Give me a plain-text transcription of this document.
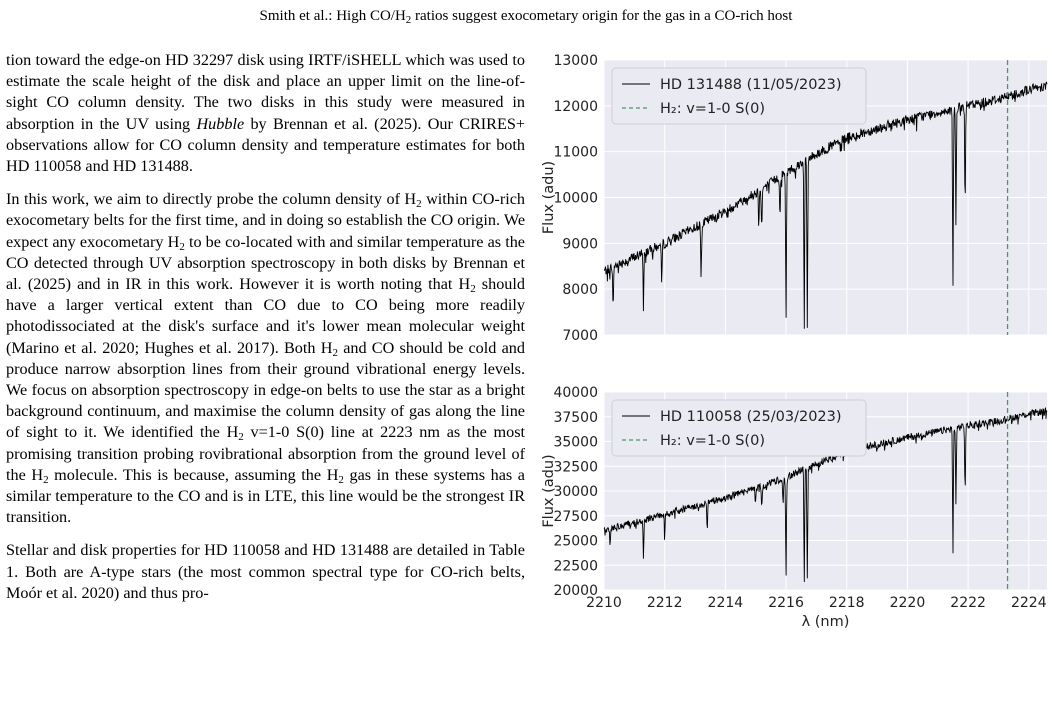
Smith et al.: High $CO/H_2$ ratios suggest exocometary origin for the gas in a CO-rich host

tion toward the edge-on HD 32297 disk using IRTF/iSHELL which was used to estimate the scale height of the disk and place an upper limit on the line-of-sight CO column density. The two disks in this study were measured in absorption in the UV using Hubble by Brennan et al. (2025). Our CRIRES+ observations allow for CO column density and temperature estimates for both HD 110058 and HD 131488.

In this work, we aim to directly probe the column density of $H_2$ within CO-rich exocometary belts for the first time, and in doing so establish the CO origin. We expect any exocometary $H_2$ to be co-located with and similar temperature as the CO detected through UV absorption spectroscopy in both disks by Brennan et al. (2025) and in IR in this work. However it is worth noting that $H_2$ should have a larger vertical extent than CO due to CO being more readily photodissociated at the disk's surface and it's lower mean molecular weight (Marino et al. 2020; Hughes et al. 2017). Both $H_2$ and CO should be cold and produce narrow absorption lines from their ground vibrational energy levels. We focus on absorption spectroscopy in edge-on belts to use the star as a bright background continuum, and maximise the column density of gas along the line of sight to it. We identified the $H_2$ v=1-0 S(0) line at 2223 nm as the most promising transition probing rovibrational absorption from the ground level of the $H_2$ molecule. This is because, assuming the $H_2$ gas in these systems has a similar temperature to the CO and is in LTE, this line would be the strongest IR transition.

Stellar and disk properties for HD 110058 and HD 131488 are detailed in Table 1. Both are A-type stars (the most common spectral type for CO-rich belts, Moór et al. 2020) and thus pro-

7000
8000
9000
10000
11000
12000
13000
HD 131488 (11/05/2023)
H₂: v=1-0 S(0)
Flux (adu)
20000
22500
25000
27500
30000
32500
35000
37500
40000
HD 110058 (25/03/2023)
H₂: v=1-0 S(0)
Flux (adu)
2210 2212 2214 2216 2218 2220 2222 2224
λ (nm)
